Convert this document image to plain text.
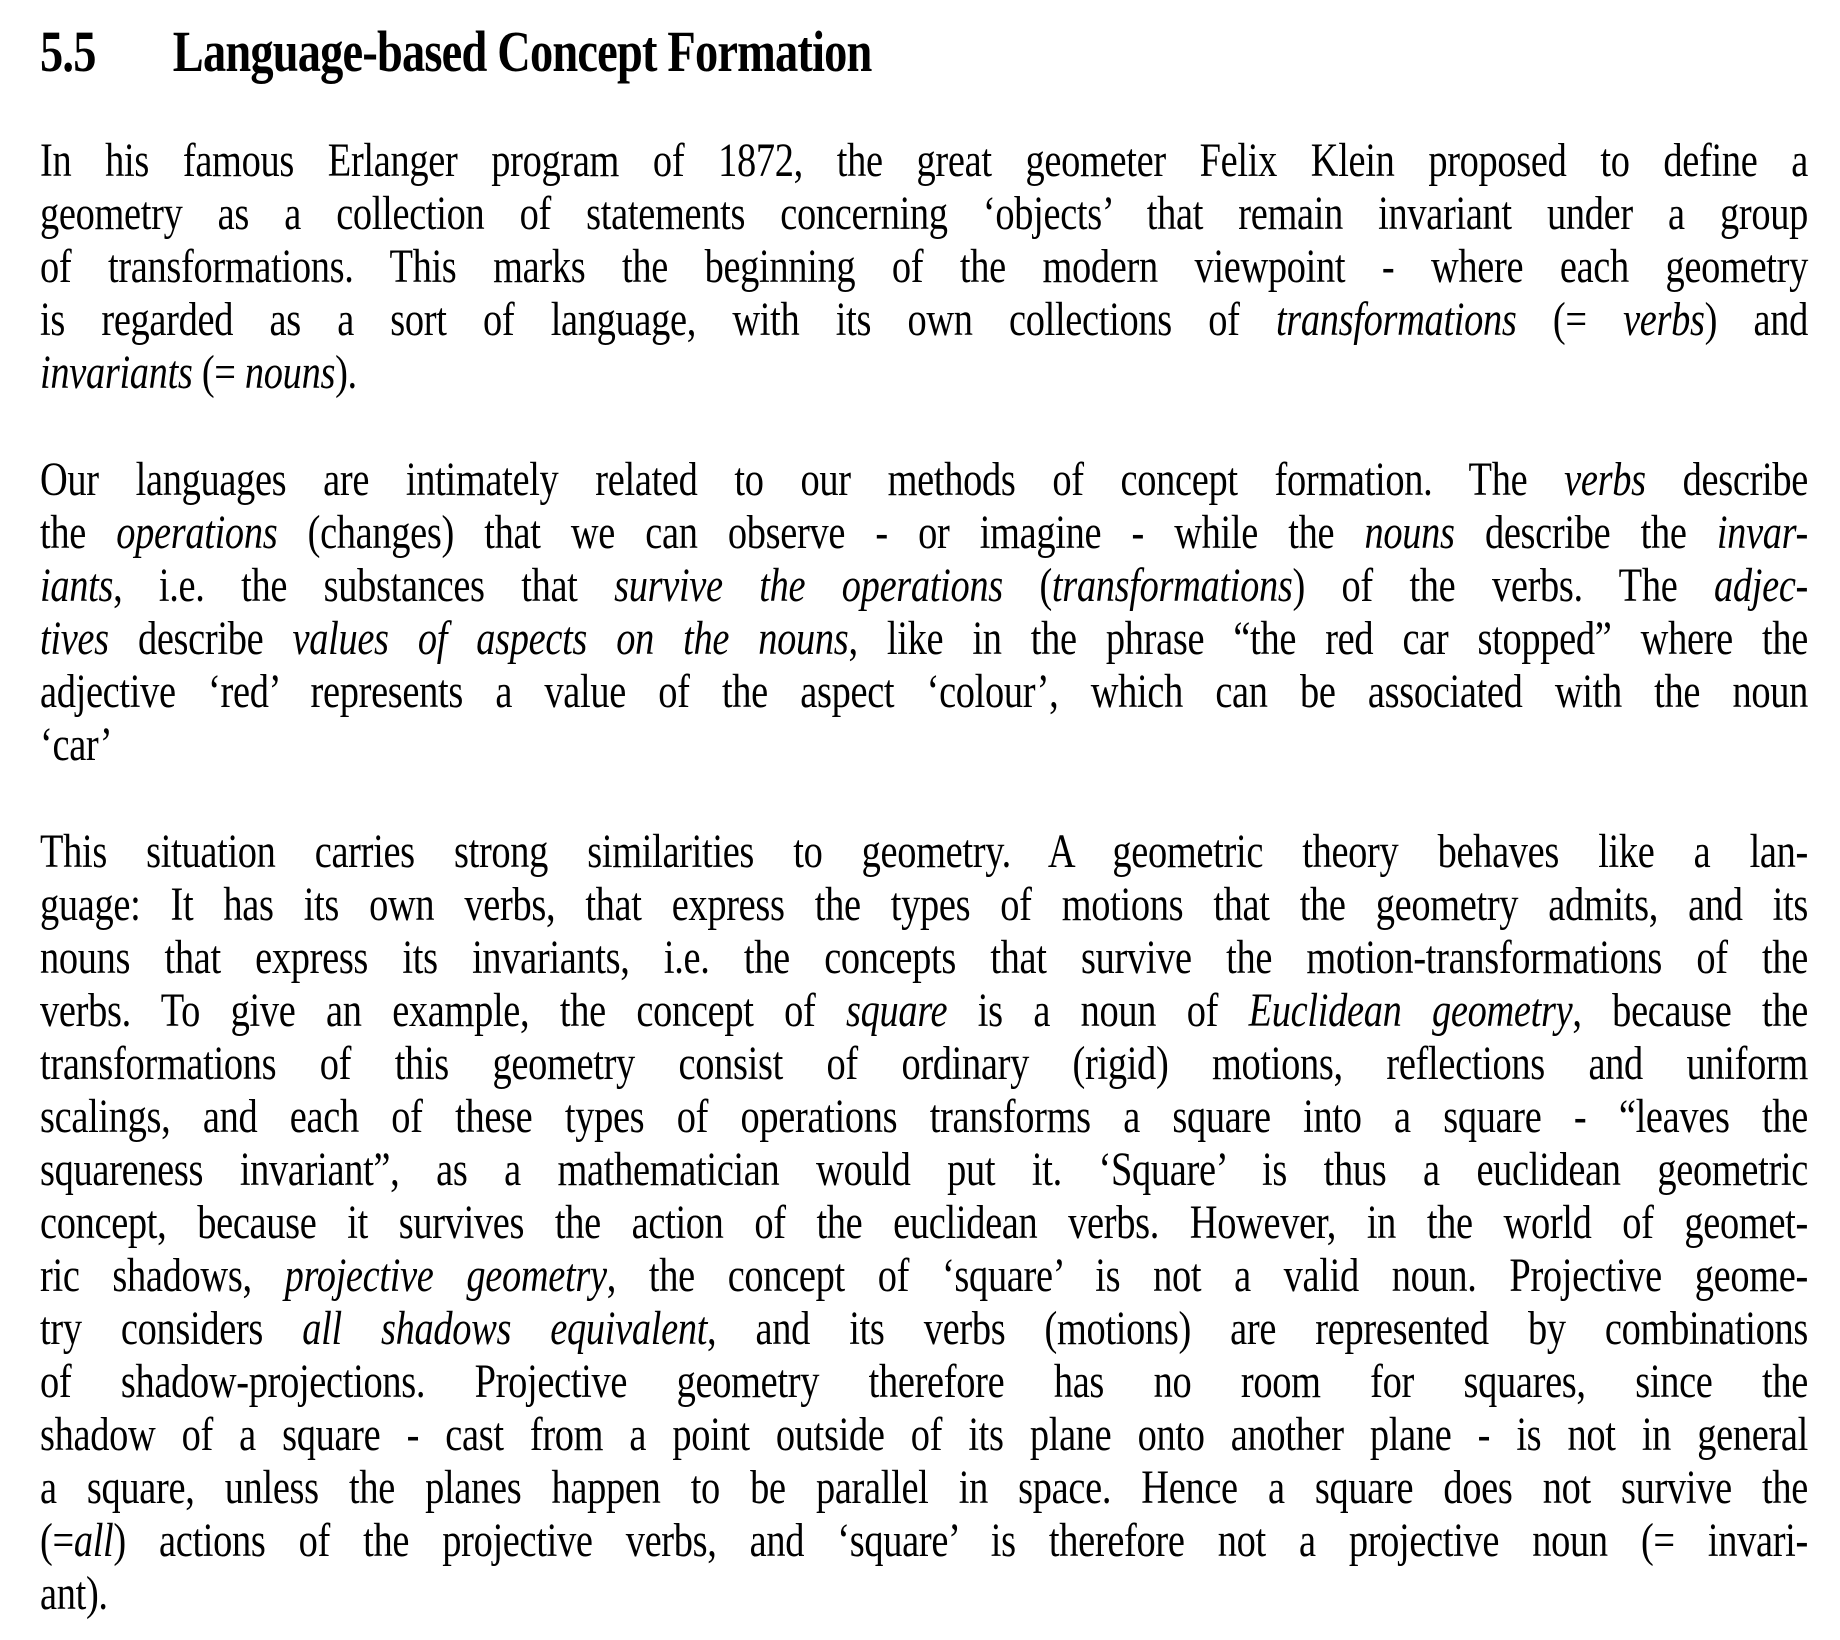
5.5 Language-based Concept Formation

In his famous Erlanger program of 1872, the great geometer Felix Klein proposed to define a
geometry as a collection of statements concerning ‘objects’ that remain invariant under a group
of transformations. This marks the beginning of the modern viewpoint - where each geometry
is regarded as a sort of language, with its own collections of transformations (= verbs) and
invariants (= nouns).

Our languages are intimately related to our methods of concept formation. The verbs describe
the operations (changes) that we can observe - or imagine - while the nouns describe the invar-
iants, i.e. the substances that survive the operations (transformations) of the verbs. The adjec-
tives describe values of aspects on the nouns, like in the phrase “the red car stopped” where the
adjective ‘red’ represents a value of the aspect ‘colour’, which can be associated with the noun
‘car’

This situation carries strong similarities to geometry. A geometric theory behaves like a lan-
guage: It has its own verbs, that express the types of motions that the geometry admits, and its
nouns that express its invariants, i.e. the concepts that survive the motion-transformations of the
verbs. To give an example, the concept of square is a noun of Euclidean geometry, because the
transformations of this geometry consist of ordinary (rigid) motions, reflections and uniform
scalings, and each of these types of operations transforms a square into a square - “leaves the
squareness invariant”, as a mathematician would put it. ‘Square’ is thus a euclidean geometric
concept, because it survives the action of the euclidean verbs. However, in the world of geomet-
ric shadows, projective geometry, the concept of ‘square’ is not a valid noun. Projective geome-
try considers all shadows equivalent, and its verbs (motions) are represented by combinations
of shadow-projections. Projective geometry therefore has no room for squares, since the
shadow of a square - cast from a point outside of its plane onto another plane - is not in general
a square, unless the planes happen to be parallel in space. Hence a square does not survive the
(=all) actions of the projective verbs, and ‘square’ is therefore not a projective noun (= invari-
ant).
